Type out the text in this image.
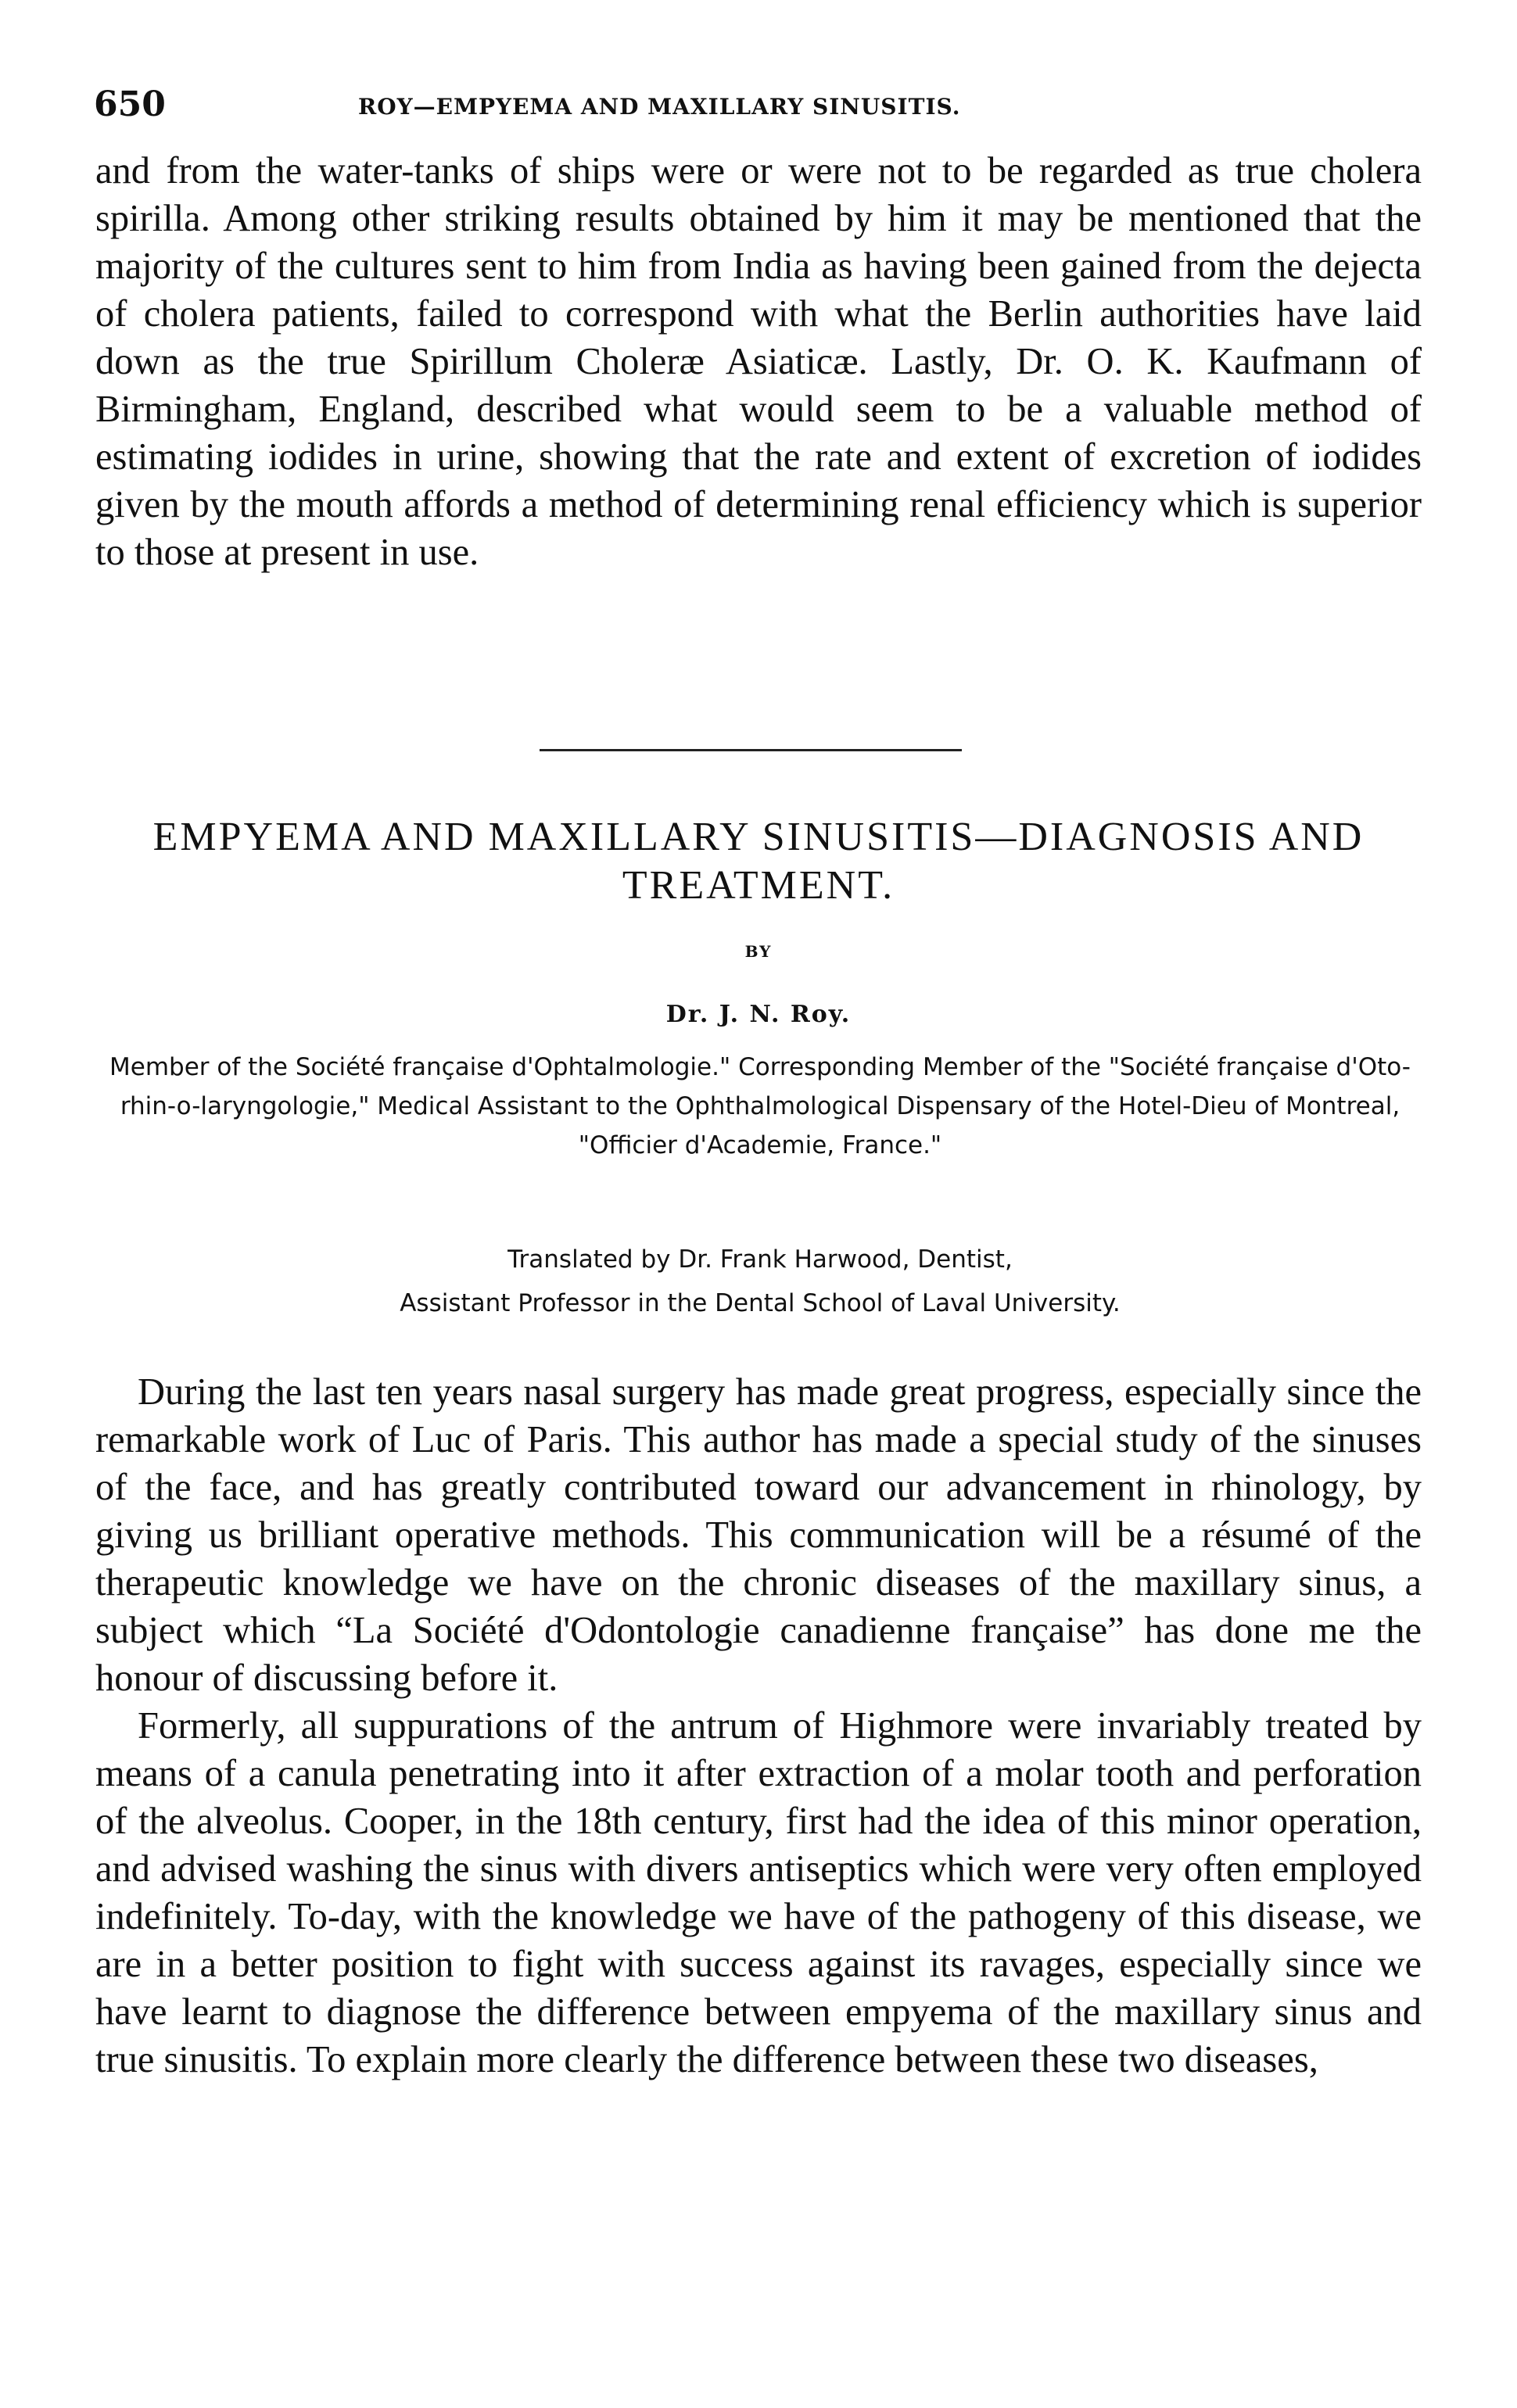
650	ROY—EMPYEMA AND MAXILLARY SINUSITIS.

and from the water-tanks of ships were or were not to be regarded as true cholera spirilla. Among other striking results obtained by him it may be mentioned that the majority of the cultures sent to him from India as having been gained from the dejecta of cholera patients, failed to correspond with what the Berlin authorities have laid down as the true Spirillum Choleræ Asiaticæ. Lastly, Dr. O. K. Kaufmann of Birmingham, England, described what would seem to be a valuable method of estimating iodides in urine, showing that the rate and extent of excretion of iodides given by the mouth affords a method of determining renal efficiency which is superior to those at present in use.

EMPYEMA AND MAXILLARY SINUSITIS—DIAGNOSIS AND TREATMENT.
BY
Dr. J. N. Roy.
Member of the Société française d'Ophtalmologie." Corresponding Member of the "Société française d'Oto-rhin-o-laryngologie," Medical Assistant to the Ophthalmological Dispensary of the Hotel-Dieu of Montreal, "Officier d'Academie, France."
Translated by Dr. Frank Harwood, Dentist,
Assistant Professor in the Dental School of Laval University.

During the last ten years nasal surgery has made great progress, especially since the remarkable work of Luc of Paris. This author has made a special study of the sinuses of the face, and has greatly contributed toward our advancement in rhinology, by giving us brilliant operative methods. This communication will be a résumé of the therapeutic knowledge we have on the chronic diseases of the maxillary sinus, a subject which “La Société d'Odontologie canadienne française” has done me the honour of discussing before it.

Formerly, all suppurations of the antrum of Highmore were invariably treated by means of a canula penetrating into it after extraction of a molar tooth and perforation of the alveolus. Cooper, in the 18th century, first had the idea of this minor operation, and advised washing the sinus with divers antiseptics which were very often employed indefinitely. To-day, with the knowledge we have of the pathogeny of this disease, we are in a better position to fight with success against its ravages, especially since we have learnt to diagnose the difference between empyema of the maxillary sinus and true sinusitis. To explain more clearly the difference between these two diseases,
